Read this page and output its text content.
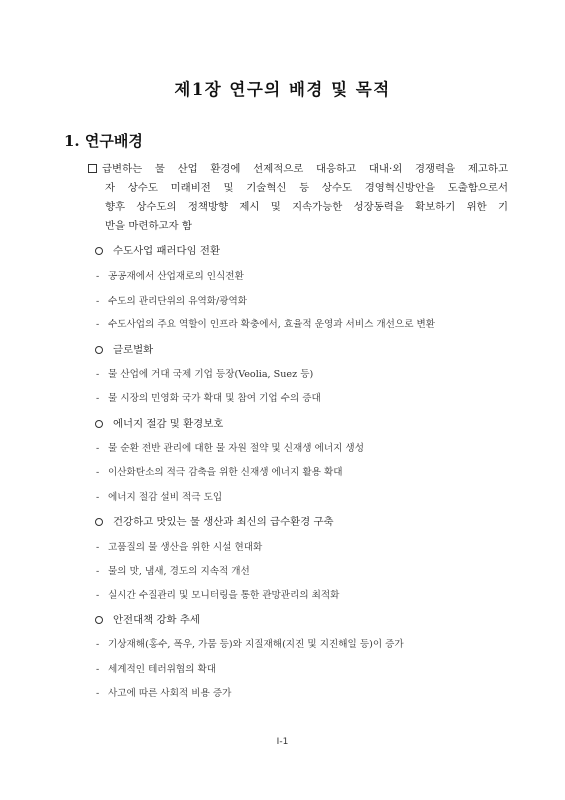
제1장 연구의 배경 및 목적
1. 연구배경
급변하는 물 산업 환경에 선제적으로 대응하고 대내·외 경쟁력을 제고하고
자 상수도 미래비전 및 기술혁신 등 상수도 경영혁신방안을 도출함으로서
향후 상수도의 정책방향 제시 및 지속가능한 성장동력을 확보하기 위한 기
반을 마련하고자 함
수도사업 패러다임 전환
- 공공재에서 산업재로의 인식전환
- 수도의 관리단위의 유역화/광역화
- 수도사업의 주요 역할이 인프라 확충에서, 효율적 운영과 서비스 개선으로 변환
글로벌화
- 물 산업에 거대 국제 기업 등장(Veolia, Suez 등)
- 물 시장의 민영화 국가 확대 및 참여 기업 수의 증대
에너지 절감 및 환경보호
- 물 순환 전반 관리에 대한 물 자원 절약 및 신재생 에너지 생성
- 이산화탄소의 적극 감축을 위한 신재생 에너지 활용 확대
- 에너지 절감 설비 적극 도입
건강하고 맛있는 물 생산과 최신의 급수환경 구축
- 고품질의 물 생산을 위한 시설 현대화
- 물의 맛, 냄새, 경도의 지속적 개선
- 실시간 수질관리 및 모니터링을 통한 관망관리의 최적화
안전대책 강화 추세
- 기상재해(홍수, 폭우, 가뭄 등)와 지질재해(지진 및 지진해일 등)이 증가
- 세계적인 테러위협의 확대
- 사고에 따른 사회적 비용 증가
Ⅰ-1
